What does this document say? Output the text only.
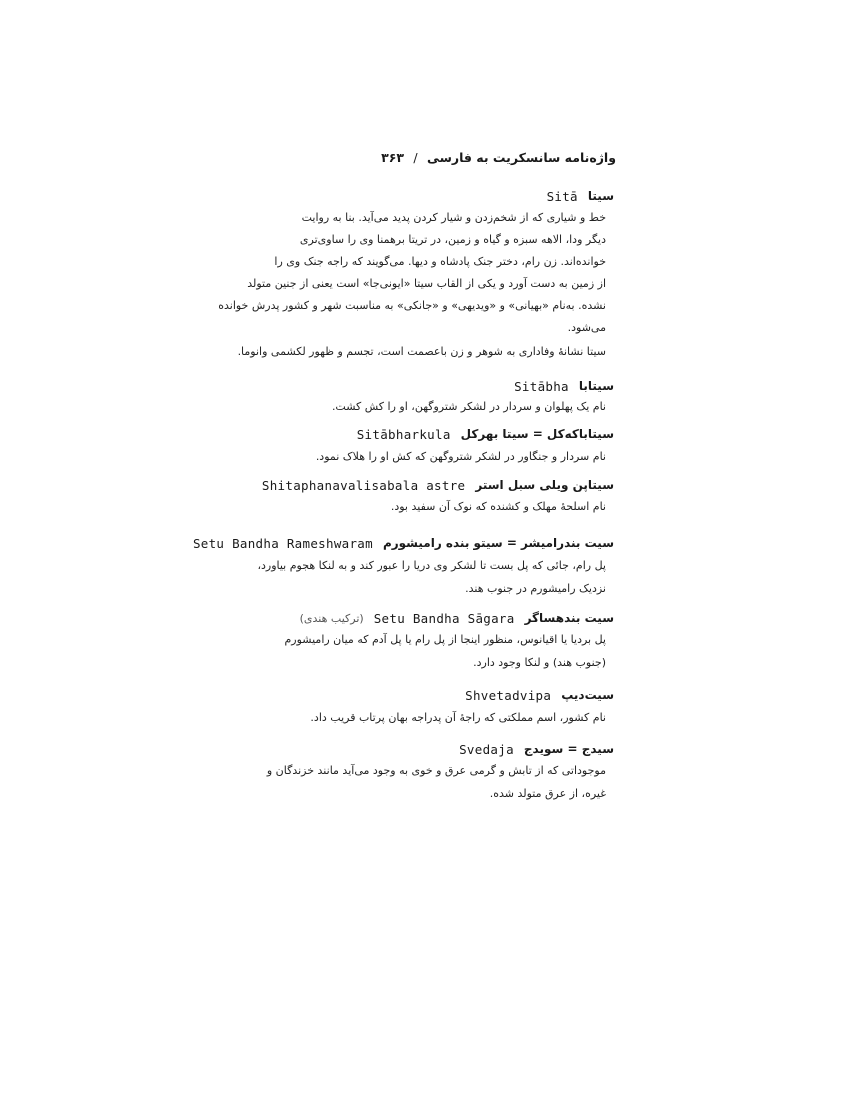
واژه‌نامه سانسکریت به فارسی / ۳۶۳
Sitā سیتا
خط و شیاری که از شخم‌زدن و شیار کردن پدید می‌آید. بنا به روایت
دیگر ودا، الاهه سبزه و گیاه و زمین، در تریتا برهمنا وی را ساوی‌تری
خوانده‌اند. زن رام، دختر جنک پادشاه و دیها. می‌گویند که راجه جنک وی را
از زمین به دست آورد و یکی از القاب سیتا «ایونی‌جا» است یعنی از جنین متولد
نشده. به‌نام «بهیانی» و «ویدیهی» و «جانکی» به مناسبت شهر و کشور پدرش خوانده
می‌شود.
سیتا نشانهٔ وفاداری به شوهر و زن باعصمت است، تجسم و ظهور لکشمی وانوما.
Sitābha سیتابا
نام یک پهلوان و سردار در لشکر شتروگهن، او را کش کشت.
Sitābharkula سیتاباکه‌کل = سیتا بهرکل
نام سردار و جنگاور در لشکر شتروگهن که کش او را هلاک نمود.
Shitaphanavalisabala astre سیتاپن ویلی سبل استر
نام اسلحهٔ مهلک و کشنده که نوک آن سفید بود.
Setu Bandha Rameshwaram سیت بندرامیشر = سیتو بنده رامیشورم
پل رام، جائی که پل بست تا لشکر وی دریا را عبور کند و به لنکا هجوم بیاورد،
نزدیک رامیشورم در جنوب هند.
(ترکیب هندی) Setu Bandha Sāgara سیت بندهساگر
پل بردیا یا اقیانوس، منظور اینجا از پل رام یا پل آدم که میان رامیشورم
(جنوب هند) و لنکا وجود دارد.
Shvetadvipa سیت‌دیپ
نام کشور، اسم مملکتی که راجهٔ آن پدراجه بهان پرتاب قریب داد.
Svedaja سیدج = سویدج
موجوداتی که از تابش و گرمی عرق و خوی به وجود می‌آید مانند خزندگان و
غیره، از عرق متولد شده.
